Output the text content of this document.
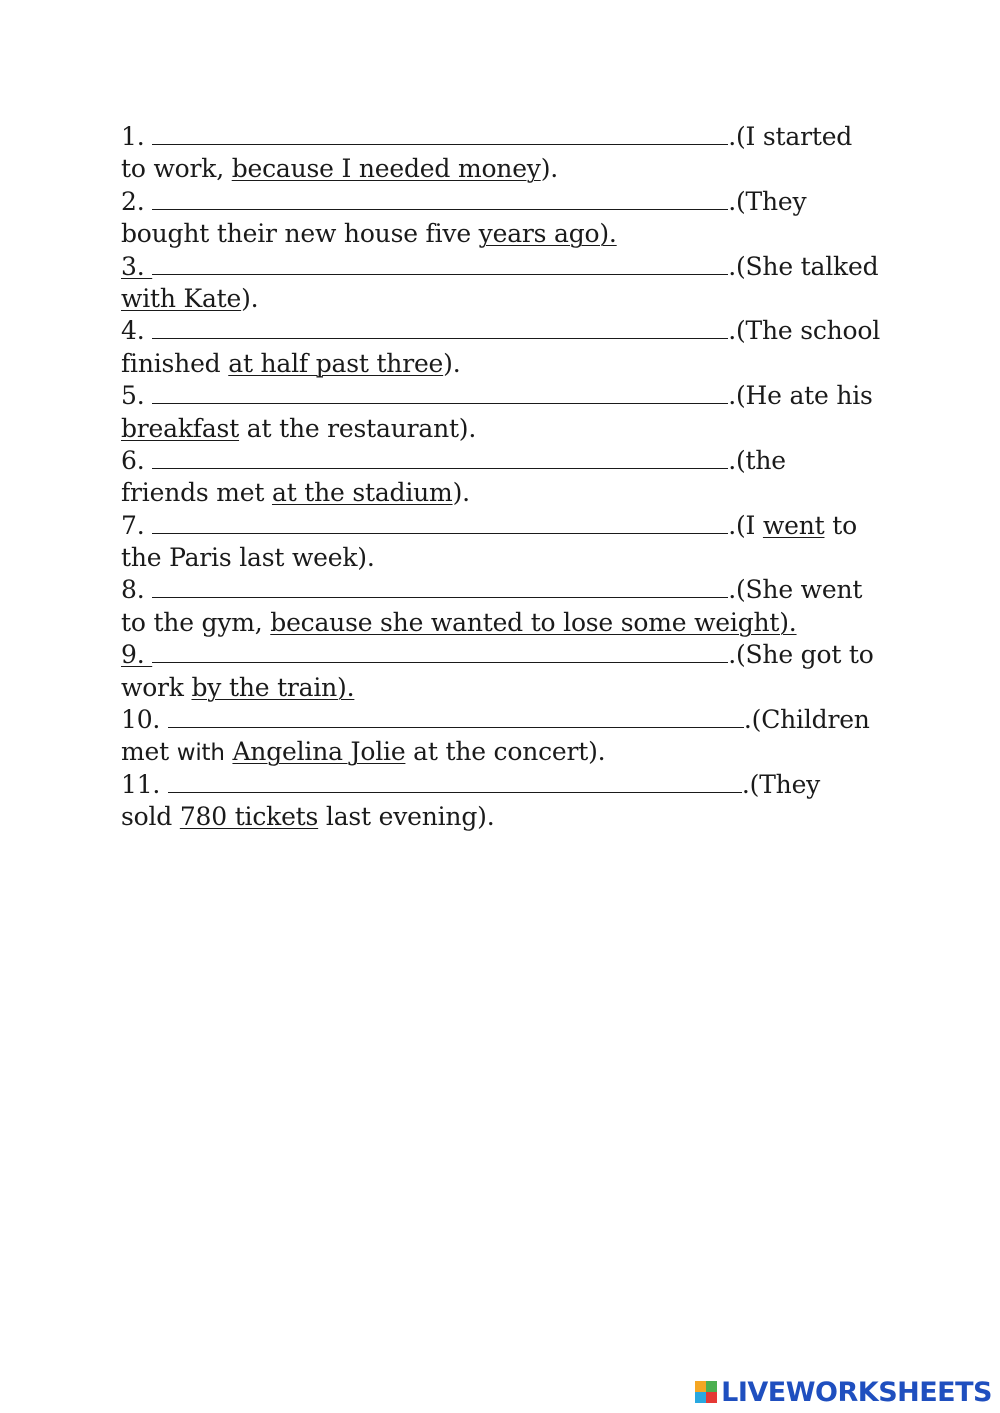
1.	.(I started
to work, because I needed money).
2.	.(They
bought their new house five years ago).
3.	.(She talked
with Kate).
4.	.(The school
finished at half past three).
5.	.(He ate his
breakfast at the restaurant).
6.	.(the
friends met at the stadium).
7.	.(I went to
the Paris last week).
8.	.(She went
to the gym, because she wanted to lose some weight).
9.	.(She got to
work by the train).
10.	.(Children
met with Angelina Jolie at the concert).
11.	.(They
sold 780 tickets last evening).
LIVEWORKSHEETS
